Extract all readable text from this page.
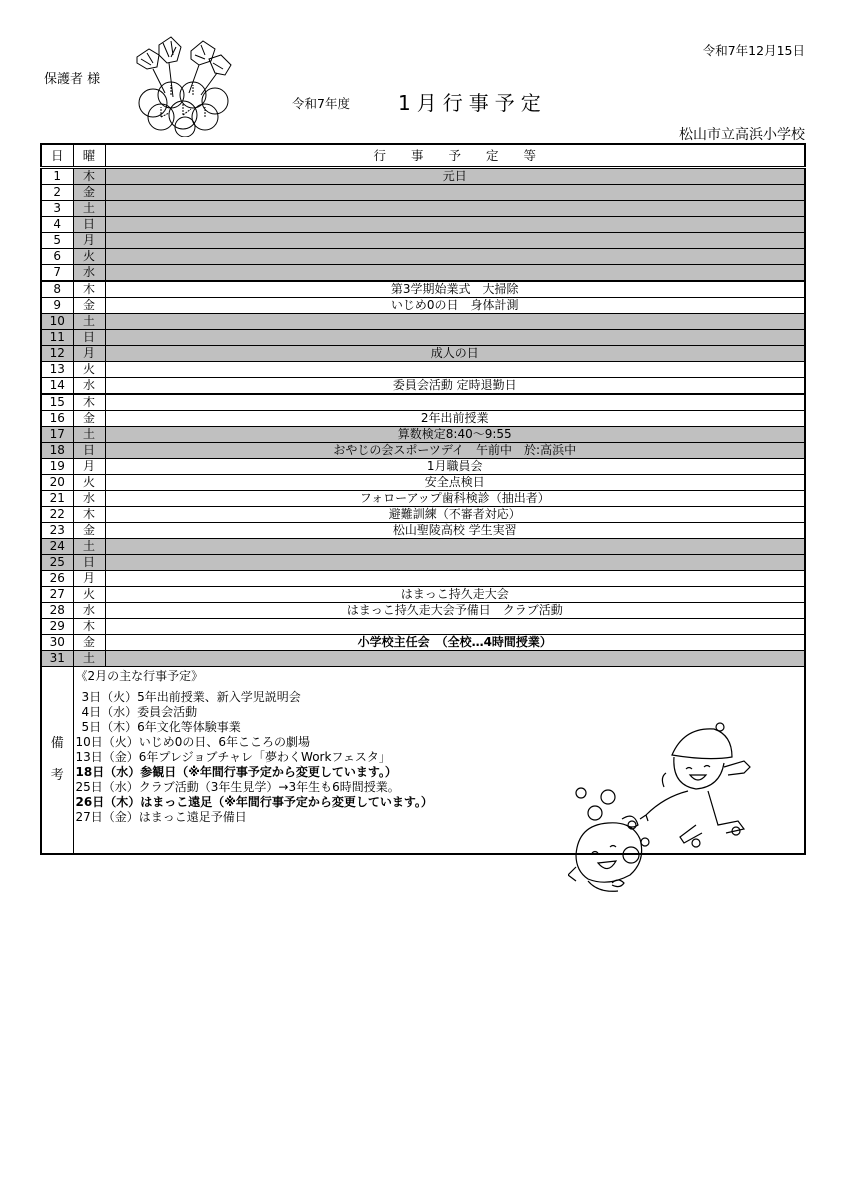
保護者 様
令和7年12月15日
令和7年度 1月行事予定
松山市立高浜小学校
日	曜	行　　事　　予　　定　　等
1	木	元日
2	金	
3	土	
4	日	
5	月	
6	火	
7	水	
8	木	第3学期始業式　大掃除
9	金	いじめ0の日　身体計測
10	土	
11	日	
12	月	成人の日
13	火	
14	水	委員会活動 定時退勤日
15	木	
16	金	2年出前授業
17	土	算数検定8:40～9:55
18	日	おやじの会スポーツデイ　午前中　於:高浜中
19	月	1月職員会
20	火	安全点検日
21	水	フォローアップ歯科検診（抽出者）
22	木	避難訓練（不審者対応）
23	金	松山聖陵高校 学生実習
24	土	
25	日	
26	月	
27	火	はまっこ持久走大会
28	水	はまっこ持久走大会予備日　クラブ活動
29	木	
30	金	小学校主任会　（全校…4時間授業）
31	土	
備
考	
《2月の主な行事予定》
3日（火）5年出前授業、新入学児説明会
4日（水）委員会活動
5日（木）6年文化等体験事業
10日（火）いじめ0の日、6年こころの劇場
13日（金）6年プレジョブチャレ「夢わくWorkフェスタ」
18日（水）参観日（※年間行事予定から変更しています。）
25日（水）クラブ活動（3年生見学）→3年生も6時間授業。
26日（木）はまっこ遠足（※年間行事予定から変更しています。）
27日（金）はまっこ遠足予備日
